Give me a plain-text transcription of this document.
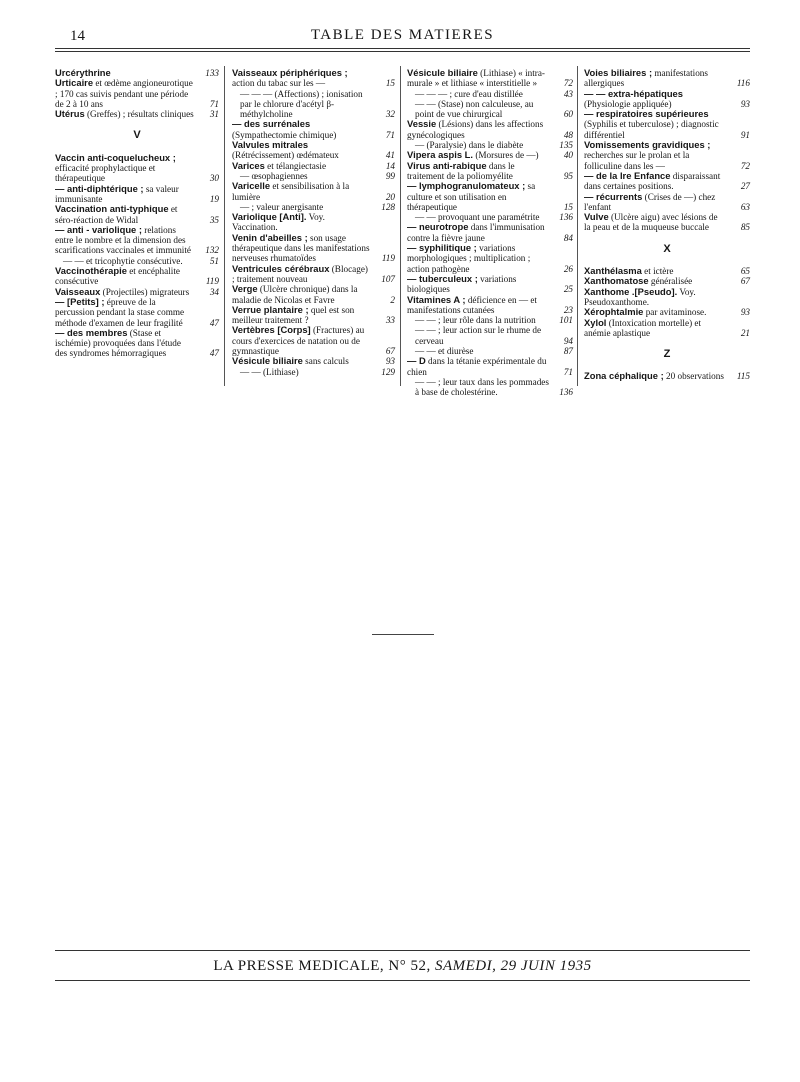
14	TABLE DES MATIERES
Urcérythrine	133
Urticaire et œdème angioneurotique ; 170 cas suivis pendant une période de 2 à 10 ans	71
Utérus (Greffes) ; résultats cliniques 31
V
Vaccin anti-coquelucheux ; efficacité prophylactique et thérapeutique	30
— anti-diphtérique ; sa valeur immunisante	19
Vaccination anti-typhique et séro-réaction de Widal	35
— anti - variolique ; relations entre le nombre et la dimension des scarifications vaccinales et immunité 132
— — et tricophytie consécutive.	51
Vaccinothérapie et encéphalite consécutive	119
Vaisseaux (Projectiles) migrateurs 34
— [Petits] ; épreuve de la percussion pendant la stase comme méthode d'examen de leur fragilité	47
— des membres (Stase et ischémie) provoquées dans l'étude des syndromes hémorragiques	47
Vaisseaux périphériques ; action du tabac sur les —	15
— — — (Affections) ; ionisation par le chlorure d'acétyl β-méthylcholine	32
— des surrénales (Sympathectomie chimique)	71
Valvules mitrales (Rétrécissement) œdémateux	41
Varices et télangiectasie	14
— œsophagiennes	99
Varicelle et sensibilisation à la lumière	20
— ; valeur anergisante	128
Variolique [Anti]. Voy. Vaccination.
Venin d'abeilles ; son usage thérapeutique dans les manifestations nerveuses rhumatoïdes	119
Ventricules cérébraux (Blocage) ; traitement nouveau	107
Verge (Ulcère chronique) dans la maladie de Nicolas et Favre	2
Verrue plantaire ; quel est son meilleur traitement ?	33
Vertèbres [Corps] (Fractures) au cours d'exercices de natation ou de gymnastique	67
Vésicule biliaire sans calculs	93
— — (Lithiase)	129
Vésicule biliaire (Lithiase) « intra-murale » et lithiase « interstitielle »	72
— — — ; cure d'eau distillée	43
— — (Stase) non calculeuse, au point de vue chirurgical	60
Vessie (Lésions) dans les affections gynécologiques	48
— (Paralysie) dans le diabète	135
Vipera aspis L. (Morsures de —)	40
Virus anti-rabique dans le traitement de la poliomyélite	95
— lymphogranulomateux ; sa culture et son utilisation en thérapeutique	15
— — provoquant une paramétrite 136
— neurotrope dans l'immunisation contre la fièvre jaune	84
— syphilitique ; variations morphologiques ; multiplication ; action pathogène	26
— tuberculeux ; variations biologiques	25
Vitamines A ; déficience en — et manifestations cutanées	23
— — ; leur rôle dans la nutrition	101
— — ; leur action sur le rhume de cerveau	94
— — et diurèse	87
— D dans la tétanie expérimentale du chien	71
— — ; leur taux dans les pommades à base de cholestérine.	136
Voies biliaires ; manifestations allergiques	116
— — extra-hépatiques (Physiologie appliquée)	93
— respiratoires supérieures (Syphilis et tuberculose) ; diagnostic différentiel	91
Vomissements gravidiques ; recherches sur le prolan et la folliculine dans les —	72
— de la Ire Enfance disparaissant dans certaines positions.	27
— récurrents (Crises de —) chez l'enfant	63
Vulve (Ulcère aigu) avec lésions de la peau et de la muqueuse buccale	85
X
Xanthélasma et ictère	65
Xanthomatose généralisée	67
Xanthome .[Pseudo]. Voy. Pseudoxanthome.
Xérophtalmie par avitaminose.	93
Xylol (Intoxication mortelle) et anémie aplastique	21
Z
Zona céphalique ; 20 observations 115
LA PRESSE MEDICALE, N° 52, SAMEDI, 29 JUIN 1935
